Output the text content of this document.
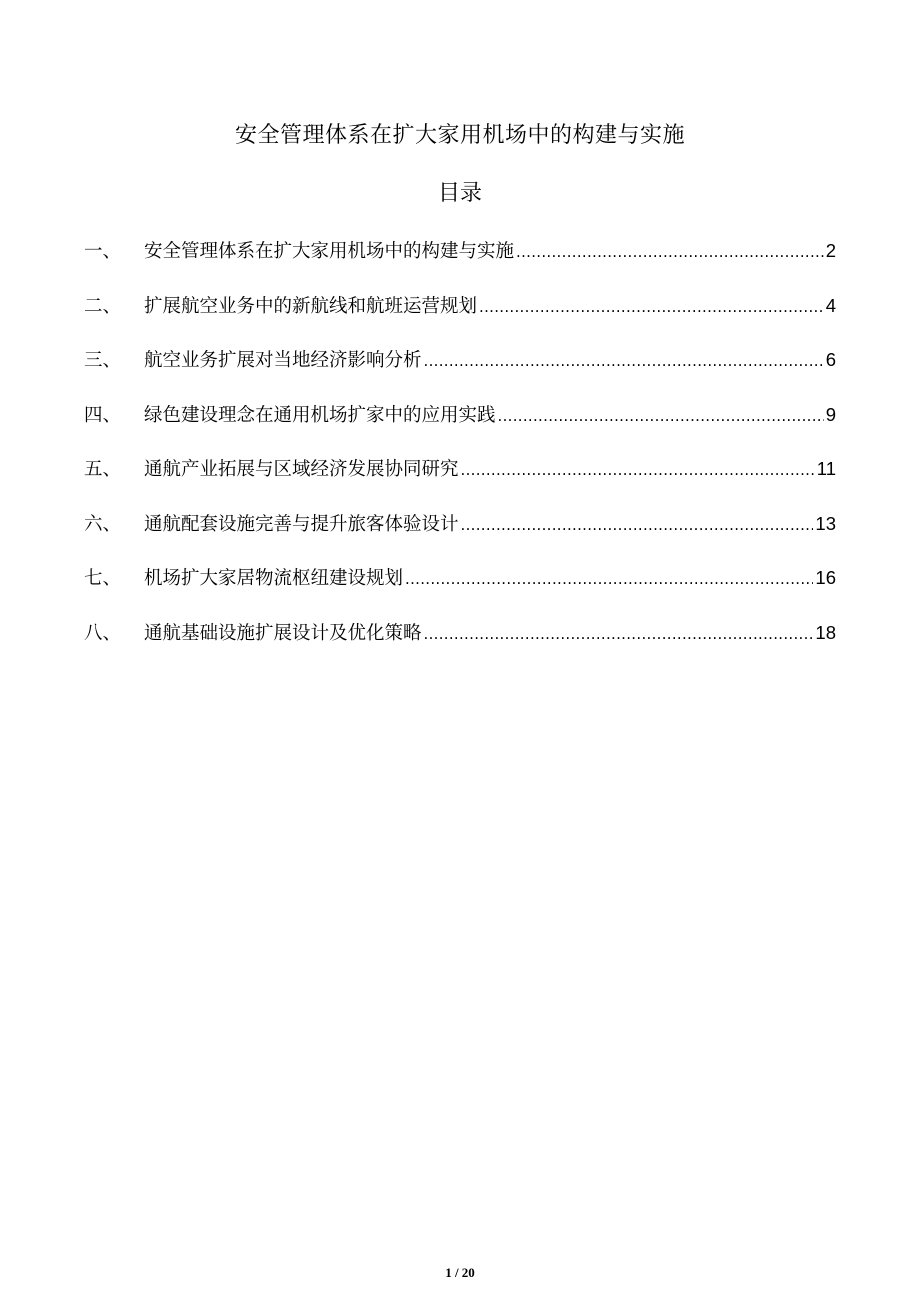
安全管理体系在扩大家用机场中的构建与实施
目录
一、	安全管理体系在扩大家用机场中的构建与实施 .....	2
二、	扩展航空业务中的新航线和航班运营规划 .....	4
三、	航空业务扩展对当地经济影响分析 .....	6
四、	绿色建设理念在通用机场扩家中的应用实践 .....	9
五、	通航产业拓展与区域经济发展协同研究 .....	11
六、	通航配套设施完善与提升旅客体验设计 .....	13
七、	机场扩大家居物流枢纽建设规划 .....	16
八、	通航基础设施扩展设计及优化策略 .....	18
1 / 20
